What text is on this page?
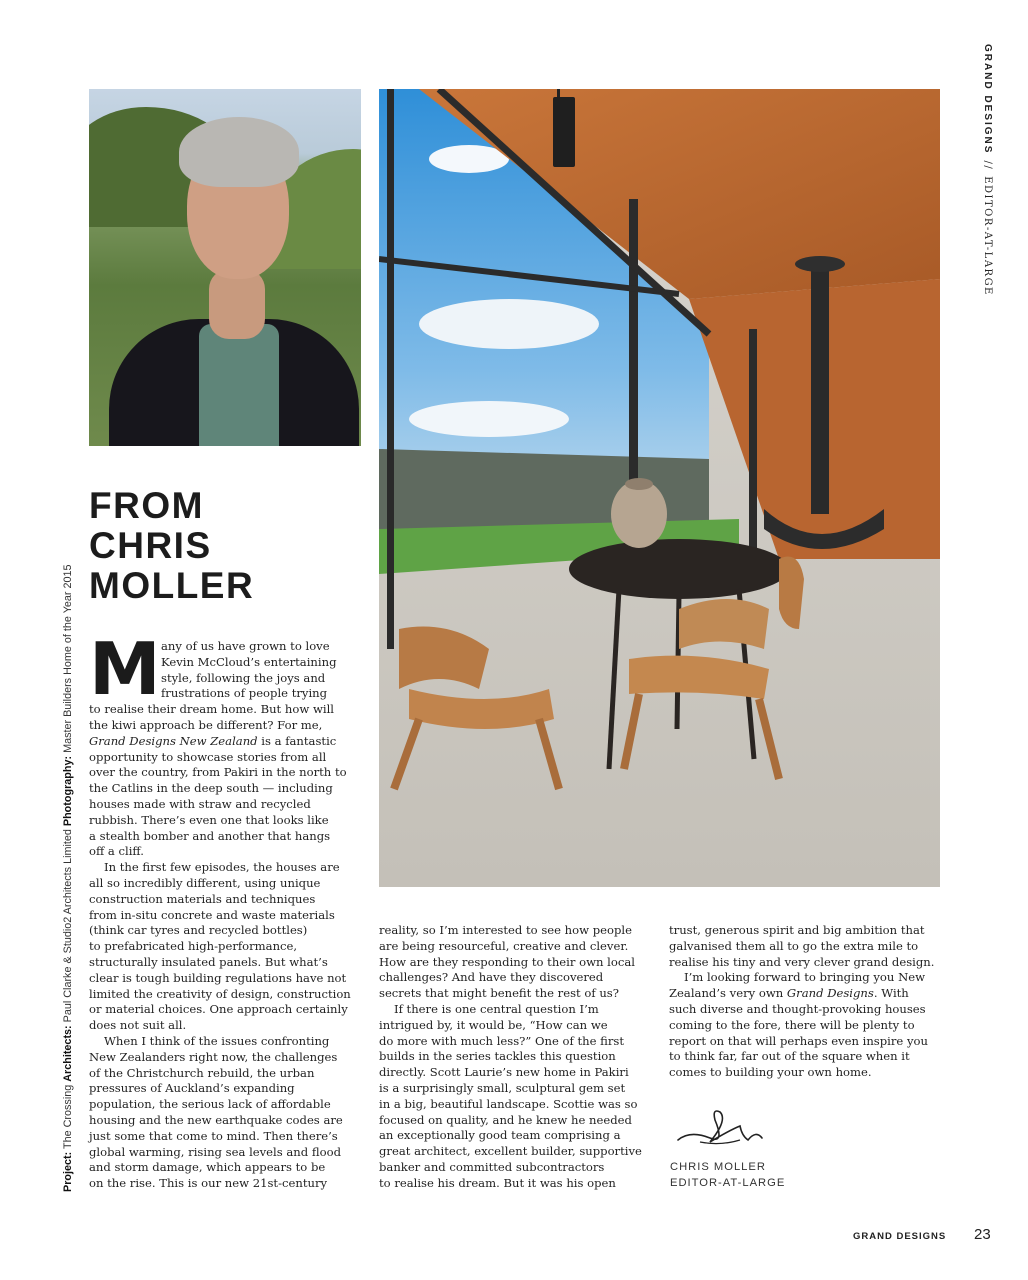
GRAND DESIGNS//EDITOR-AT-LARGE
Project: The Crossing Architects: Paul Clarke & Studio2 Architects Limited Photography: Master Builders Home of the Year 2015
FROM
CHRIS
MOLLER
M any of us have grown to love
Kevin McCloud’s entertaining
style, following the joys and
frustrations of people trying
to realise their dream home. But how will
the kiwi approach be different? For me,
Grand Designs New Zealand is a fantastic
opportunity to showcase stories from all
over the country, from Pakiri in the north to
the Catlins in the deep south — including
houses made with straw and recycled
rubbish. There’s even one that looks like
a stealth bomber and another that hangs
off a cliff.
In the first few episodes, the houses are
all so incredibly different, using unique
construction materials and techniques
from in-situ concrete and waste materials
(think car tyres and recycled bottles)
to prefabricated high-performance,
structurally insulated panels. But what’s
clear is tough building regulations have not
limited the creativity of design, construction
or material choices. One approach certainly
does not suit all.
When I think of the issues confronting
New Zealanders right now, the challenges
of the Christchurch rebuild, the urban
pressures of Auckland’s expanding
population, the serious lack of affordable
housing and the new earthquake codes are
just some that come to mind. Then there’s
global warming, rising sea levels and flood
and storm damage, which appears to be
on the rise. This is our new 21st-century
reality, so I’m interested to see how people
are being resourceful, creative and clever.
How are they responding to their own local
challenges? And have they discovered
secrets that might benefit the rest of us?
If there is one central question I’m
intrigued by, it would be, “How can we
do more with much less?” One of the first
builds in the series tackles this question
directly. Scott Laurie’s new home in Pakiri
is a surprisingly small, sculptural gem set
in a big, beautiful landscape. Scottie was so
focused on quality, and he knew he needed
an exceptionally good team comprising a
great architect, excellent builder, supportive
banker and committed subcontractors
to realise his dream. But it was his open
trust, generous spirit and big ambition that
galvanised them all to go the extra mile to
realise his tiny and very clever grand design.
I’m looking forward to bringing you New
Zealand’s very own Grand Designs. With
such diverse and thought-provoking houses
coming to the fore, there will be plenty to
report on that will perhaps even inspire you
to think far, far out of the square when it
comes to building your own home.
CHRIS MOLLER
EDITOR-AT-LARGE
GRAND DESIGNS 23
